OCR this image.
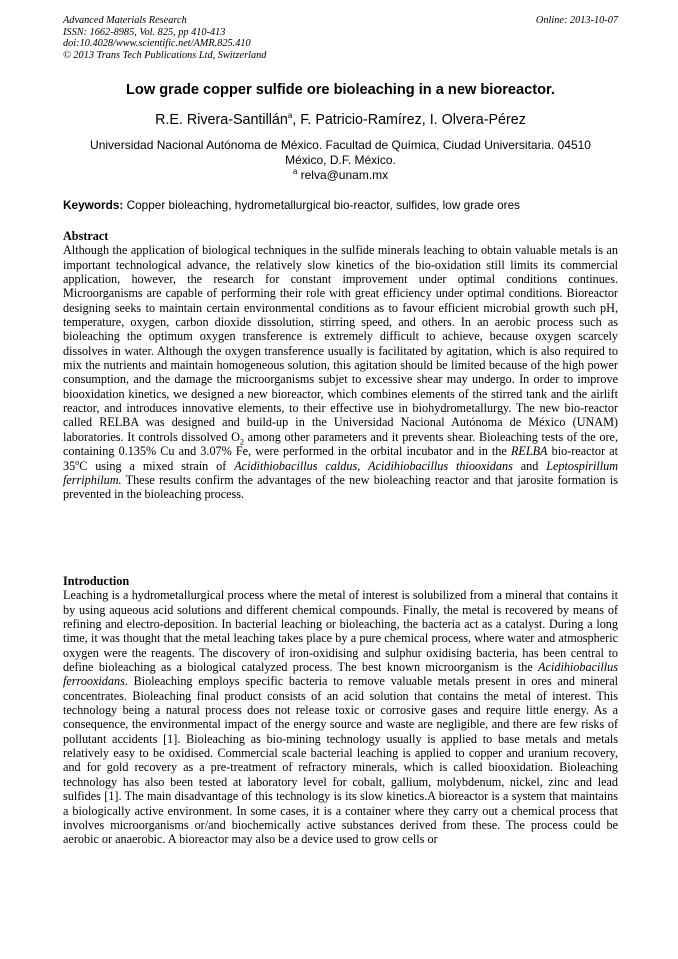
Advanced Materials Research
ISSN: 1662-8985, Vol. 825, pp 410-413
doi:10.4028/www.scientific.net/AMR.825.410
© 2013 Trans Tech Publications Ltd, Switzerland
Online: 2013-10-07
Low grade copper sulfide ore bioleaching in a new bioreactor.
R.E. Rivera-Santillán$^a$, F. Patricio-Ramírez, I. Olvera-Pérez
Universidad Nacional Autónoma de México. Facultad de Química, Ciudad Universitaria. 04510
México, D.F. México.
$^a$ relva@unam.mx
Keywords: Copper bioleaching, hydrometallurgical bio-reactor, sulfides, low grade ores
Abstract

Although the application of biological techniques in the sulfide minerals leaching to obtain valuable metals is an important technological advance, the relatively slow kinetics of the bio-oxidation still limits its commercial application, however, the research for constant improvement under optimal conditions continues. Microorganisms are capable of performing their role with great efficiency under optimal conditions. Bioreactor designing seeks to maintain certain environmental conditions as to favour efficient microbial growth such pH, temperature, oxygen, carbon dioxide dissolution, stirring speed, and others. In an aerobic process such as bioleaching the optimum oxygen transference is extremely difficult to achieve, because oxygen scarcely dissolves in water. Although the oxygen transference usually is facilitated by agitation, which is also required to mix the nutrients and maintain homogeneous solution, this agitation should be limited because of the high power consumption, and the damage the microorganisms subjet to excessive shear may undergo. In order to improve biooxidation kinetics, we designed a new bioreactor, which combines elements of the stirred tank and the airlift reactor, and introduces innovative elements, to their effective use in biohydrometallurgy. The new bio-reactor called RELBA was designed and build-up in the Universidad Nacional Autónoma de México (UNAM) laboratories. It controls dissolved $O_2$ among other parameters and it prevents shear. Bioleaching tests of the ore, containing 0.135% Cu and 3.07% Fe, were performed in the orbital incubator and in the RELBA bio-reactor at 35$^o$C using a mixed strain of Acidithiobacillus caldus, Acidihiobacillus thiooxidans and Leptospirillum ferriphilum. These results confirm the advantages of the new bioleaching reactor and that jarosite formation is prevented in the bioleaching process.

Introduction

Leaching is a hydrometallurgical process where the metal of interest is solubilized from a mineral that contains it by using aqueous acid solutions and different chemical compounds. Finally, the metal is recovered by means of refining and electro-deposition. In bacterial leaching or bioleaching, the bacteria act as a catalyst. During a long time, it was thought that the metal leaching takes place by a pure chemical process, where water and atmospheric oxygen were the reagents. The discovery of iron-oxidising and sulphur oxidising bacteria, has been central to define bioleaching as a biological catalyzed process. The best known microorganism is the Acidihiobacillus ferrooxidans. Bioleaching employs specific bacteria to remove valuable metals present in ores and mineral concentrates. Bioleaching final product consists of an acid solution that contains the metal of interest. This technology being a natural process does not release toxic or corrosive gases and require little energy. As a consequence, the environmental impact of the energy source and waste are negligible, and there are few risks of pollutant accidents [1]. Bioleaching as bio-mining technology usually is applied to base metals and metals relatively easy to be oxidised. Commercial scale bacterial leaching is applied to copper and uranium recovery, and for gold recovery as a pre-treatment of refractory minerals, which is called biooxidation. Bioleaching technology has also been tested at laboratory level for cobalt, gallium, molybdenum, nickel, zinc and lead sulfides [1]. The main disadvantage of this technology is its slow kinetics.A bioreactor is a system that maintains a biologically active environment. In some cases, it is a container where they carry out a chemical process that involves microorganisms or/and biochemically active substances derived from these. The process could be aerobic or anaerobic. A bioreactor may also be a device used to grow cells or
